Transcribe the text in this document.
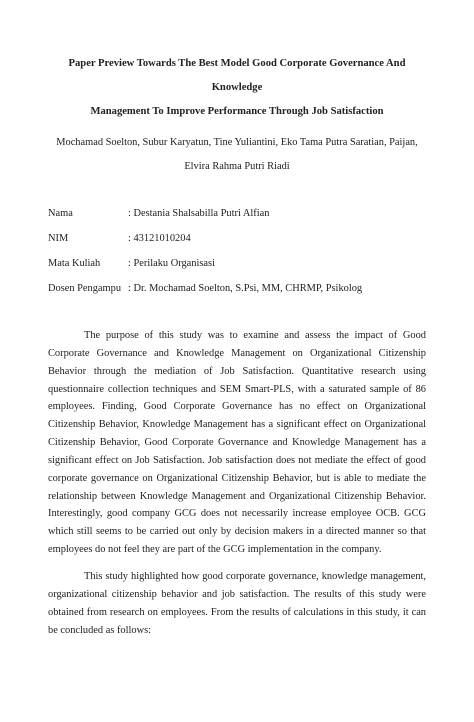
Paper Preview Towards The Best Model Good Corporate Governance And Knowledge
Management To Improve Performance Through Job Satisfaction
Mochamad Soelton, Subur Karyatun, Tine Yuliantini, Eko Tama Putra Saratian, Paijan,
Elvira Rahma Putri Riadi
Nama	: Destania Shalsabilla Putri Alfian
NIM	: 43121010204
Mata Kuliah	: Perilaku Organisasi
Dosen Pengampu : Dr. Mochamad Soelton, S.Psi, MM, CHRMP, Psikolog

The purpose of this study was to examine and assess the impact of Good Corporate Governance and Knowledge Management on Organizational Citizenship Behavior through the mediation of Job Satisfaction. Quantitative research using questionnaire collection techniques and SEM Smart-PLS, with a saturated sample of 86 employees. Finding, Good Corporate Governance has no effect on Organizational Citizenship Behavior, Knowledge Management has a significant effect on Organizational Citizenship Behavior, Good Corporate Governance and Knowledge Management has a significant effect on Job Satisfaction. Job satisfaction does not mediate the effect of good corporate governance on Organizational Citizenship Behavior, but is able to mediate the relationship between Knowledge Management and Organizational Citizenship Behavior. Interestingly, good company GCG does not necessarily increase employee OCB. GCG which still seems to be carried out only by decision makers in a directed manner so that employees do not feel they are part of the GCG implementation in the company.

This study highlighted how good corporate governance, knowledge management, organizational citizenship behavior and job satisfaction. The results of this study were obtained from research on employees. From the results of calculations in this study, it can be concluded as follows:
